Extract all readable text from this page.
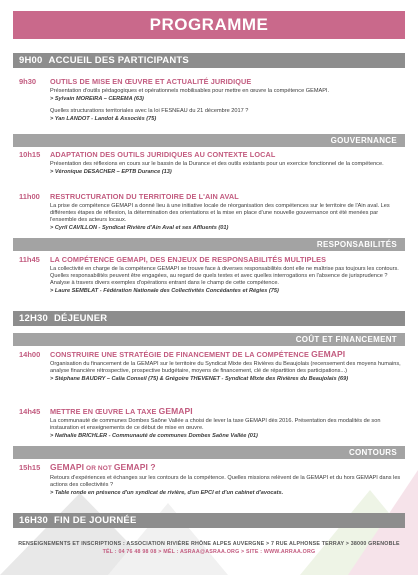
PROGRAMME
9H00 ACCUEIL DES PARTICIPANTS
9h30 OUTILS DE MISE EN ŒUVRE ET ACTUALITÉ JURIDIQUE
Présentation d'outils pédagogiques et opérationnels mobilisables pour mettre en œuvre la compétence GEMAPI.
> Sylvain MOREIRA – CEREMA (63)
Quelles structurations territoriales avec la loi FESNEAU du 21 décembre 2017 ?
> Yan LANDOT - Landot & Associés (75)
GOUVERNANCE
10h15 ADAPTATION DES OUTILS JURIDIQUES AU CONTEXTE LOCAL
Présentation des réflexions en cours sur le bassin de la Durance et des outils existants pour un exercice fonctionnel de la compétence.
> Véronique DESACHER – EPTB Durance (13)
11h00 RESTRUCTURATION DU TERRITOIRE DE L'AIN AVAL
La prise de compétence GEMAPI a donné lieu à une initiative locale de réorganisation des compétences sur le territoire de l'Ain aval. Les différentes étapes de réflexion, la détermination des orientations et la mise en place d'une nouvelle gouvernance ont été menées par l'ensemble des acteurs locaux.
> Cyril CAVILLON - Syndicat Rivière d'Ain Aval et ses Affluents (01)
RESPONSABILITÉS
11h45 LA COMPÉTENCE GEMAPI, DES ENJEUX DE RESPONSABILITÉS MULTIPLES
La collectivité en charge de la compétence GEMAPI se trouve face à diverses responsabilités dont elle ne maîtrise pas toujours les contours. Quelles responsabilités peuvent être engagées, au regard de quels textes et avec quelles interrogations en l'absence de jurisprudence ? Analyse à travers divers exemples d'opérations entrant dans le champ de cette compétence.
> Laure SEMBLAT - Fédération Nationale des Collectivités Concédantes et Régies (75)
12H30 DÉJEUNER
COÛT ET FINANCEMENT
14h00 CONSTRUIRE UNE STRATÉGIE DE FINANCEMENT DE LA COMPÉTENCE GEMAPI
Organisation du financement de la GEMAPI sur le territoire du Syndicat Mixte des Rivières du Beaujolais (recensement des moyens humains, analyse financière rétrospective, prospective budgétaire, moyens de financement, clé de répartition des participations...)
> Stéphane BAUDRY – Calia Conseil (75) & Grégoire THEVENET - Syndicat Mixte des Rivières du Beaujolais (69)
14h45 METTRE EN ŒUVRE LA TAXE GEMAPI
La communauté de communes Dombes Saône Vallée a choisi de lever la taxe GEMAPI dès 2016. Présentation des modalités de son instauration et enseignements de ce début de mise en œuvre.
> Nathalie BRICHLER - Communauté de communes Dombes Saône Vallée (01)
CONTOURS
15h15 GEMAPI OR NOT GEMAPI ?
Retours d'expériences et échanges sur les contours de la compétence. Quelles missions relèvent de la GEMAPI et du hors GEMAPI dans les actions des collectivités ?
> Table ronde en présence d'un syndicat de rivière, d'un EPCI et d'un cabinet d'avocats.
16H30 FIN DE JOURNÉE
RENSEIGNEMENTS ET INSCRIPTIONS : ASSOCIATION RIVIÈRE RHÔNE ALPES AUVERGNE > 7 RUE ALPHONSE TERRAY > 38000 GRENOBLE
TÉL : 04 76 48 98 08 > MÉL : ASRAA@ASRAA.ORG > SITE : WWW.ARRAA.ORG
